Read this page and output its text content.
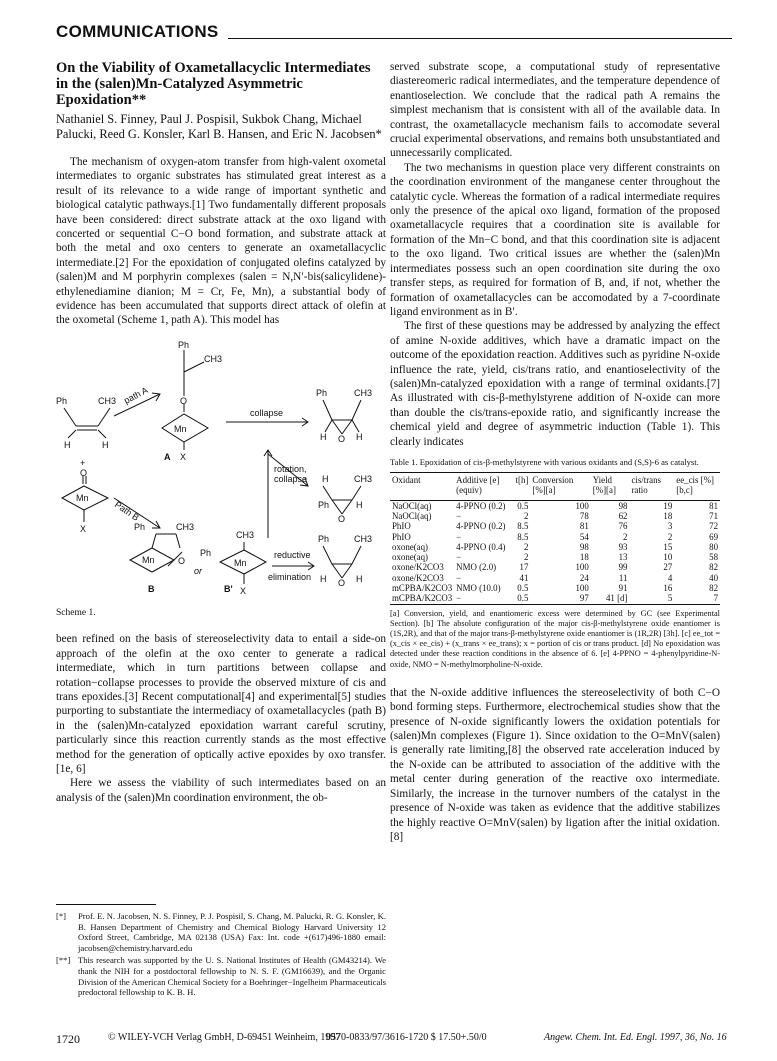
COMMUNICATIONS
On the Viability of Oxametallacyclic Intermediates in the (salen)Mn-Catalyzed Asymmetric Epoxidation**
Nathaniel S. Finney, Paul J. Pospisil, Sukbok Chang, Michael Palucki, Reed G. Konsler, Karl B. Hansen, and Eric N. Jacobsen*

The mechanism of oxygen-atom transfer from high-valent oxometal intermediates to organic substrates has stimulated great interest as a result of its relevance to a wide range of important synthetic and biological catalytic pathways.[1] Two fundamentally different proposals have been considered: direct substrate attack at the oxo ligand with concerted or sequential C−O bond formation, and substrate attack at both the metal and oxo centers to generate an oxametallacyclic intermediate.[2] For the epoxidation of conjugated olefins catalyzed by (salen)M and M porphyrin complexes (salen = N,N′-bis(salicylidene)-ethylenediamine dianion; M = Cr, Fe, Mn), a substantial body of evidence has been accumulated that supports direct attack of olefin at the oxometal (Scheme 1, path A). This model has

Ph	CH3
H	H
+
O
Mn
X
Ph
CH3
O
Mn
X
A
path A
collapse
Ph	CH3
H O H
rotation,
collapse H	CH3
Ph
O
H
Path B
Ph	CH3
Mn	O
B
or
Ph
CH3
Mn
B' X
reductive
elimination
Ph	CH3
H O H
Scheme 1.

been refined on the basis of stereoselectivity data to entail a side-on approach of the olefin at the oxo center to generate a radical intermediate, which in turn partitions between collapse and rotation−collapse processes to provide the observed mixture of cis and trans epoxides.[3] Recent computational[4] and experimental[5] studies purporting to substantiate the intermediacy of oxametallacycles (path B) in the (salen)Mn-catalyzed epoxidation warrant careful scrutiny, particularly since this reaction currently stands as the most effective method for the generation of optically active epoxides by oxo transfer.[1e, 6]

Here we assess the viability of such intermediates based on an analysis of the (salen)Mn coordination environment, the ob-

[*]	Prof. E. N. Jacobsen, N. S. Finney, P. J. Pospisil, S. Chang, M. Palucki, R. G. Konsler, K. B. Hansen Department of Chemistry and Chemical Biology Harvard University 12 Oxford Street, Cambridge, MA 02138 (USA) Fax: Int. code +(617)496-1880 email: jacobsen@chemistry.harvard.edu
[**] This research was supported by the U. S. National Institutes of Health (GM43214). We thank the NIH for a postdoctoral fellowship to N. S. F. (GM16639), and the Organic Division of the American Chemical Society for a Boehringer−Ingelheim Pharmaceuticals predoctoral fellowship to K. B. H.

served substrate scope, a computational study of representative diastereomeric radical intermediates, and the temperature dependence of enantioselection. We conclude that the radical path A remains the simplest mechanism that is consistent with all of the available data. In contrast, the oxametallacycle mechanism fails to accomodate several crucial experimental observations, and remains both unsubstantiated and unnecessarily complicated.

The two mechanisms in question place very different constraints on the coordination environment of the manganese center throughout the catalytic cycle. Whereas the formation of a radical intermediate requires only the presence of the apical oxo ligand, formation of the proposed oxametallacycle requires that a coordination site is available for formation of the Mn−C bond, and that this coordination site is adjacent to the oxo ligand. Two critical issues are whether the (salen)Mn intermediates possess such an open coordination site during the oxo transfer steps, as required for formation of B, and, if not, whether the formation of oxametallacycles can be accomodated by a 7-coordinate ligand environment as in B′.

The first of these questions may be addressed by analyzing the effect of amine N-oxide additives, which have a dramatic impact on the outcome of the epoxidation reaction. Additives such as pyridine N-oxide influence the rate, yield, cis/trans ratio, and enantioselectivity of the (salen)Mn-catalyzed epoxidation with a range of terminal oxidants.[7] As illustrated with cis-β-methylstyrene addition of N-oxide can more than double the cis/trans-epoxide ratio, and significantly increase the chemical yield and degree of asymmetric induction (Table 1). This clearly indicates

Table 1. Epoxidation of cis-β-methylstyrene with various oxidants and (S,S)-6 as catalyst.
Oxidant	Additive [e] (equiv)	t[h]	Conversion [%][a]	Yield [%][a]	cis/trans ratio	ee_cis [%][b,c]

NaOCl(aq)	4-PPNO (0.2)	0.5	100	98	19	81
NaOCl(aq)	−	2	78	62	18	71
PhIO	4-PPNO (0.2)	8.5	81	76	3	72
PhIO	−	8.5	54	2	2	69
oxone(aq)	4-PPNO (0.4)	2	98	93	15	80
oxone(aq)	−	2	18	13	10	58
oxone/K2CO3	NMO (2.0)	17	100	99	27	82
oxone/K2CO3	−	41	24	11	4	40
mCPBA/K2CO3	NMO (10.0)	0.5	100	91	16	82
mCPBA/K2CO3	−	0.5	97	41 [d]	5	7
[a] Conversion, yield, and enantiomeric excess were determined by GC (see Experimental Section). [b] The absolute configuration of the major cis-β-methylstyrene oxide enantiomer is (1S,2R), and that of the major trans-β-methylstyrene oxide enantiomer is (1R,2R) [3h]. [c] ee_tot = (x_cis × ee_cis) + (x_trans × ee_trans); x = portion of cis or trans product. [d] No epoxidation was detected under these reaction conditions in the absence of 6. [e] 4-PPNO = 4-phenylpyridine-N-oxide, NMO = N-methylmorpholine-N-oxide.

that the N-oxide additive influences the stereoselectivity of both C−O bond forming steps. Furthermore, electrochemical studies show that the presence of N-oxide significantly lowers the oxidation potentials for (salen)Mn complexes (Figure 1). Since oxidation to the O=MnV(salen) is generally rate limiting,[8] the observed rate acceleration induced by the N-oxide can be attributed to association of the additive with the metal center during generation of the reactive oxo intermediate. Similarly, the increase in the turnover numbers of the catalyst in the presence of N-oxide was taken as evidence that the additive stabilizes the highly reactive O=MnV(salen) by ligation after the initial oxidation.[8]

1720	© WILEY-VCH Verlag GmbH, D-69451 Weinheim, 1997
0570-0833/97/3616-1720 $ 17.50+.50/0	Angew. Chem. Int. Ed. Engl. 1997, 36, No. 16
